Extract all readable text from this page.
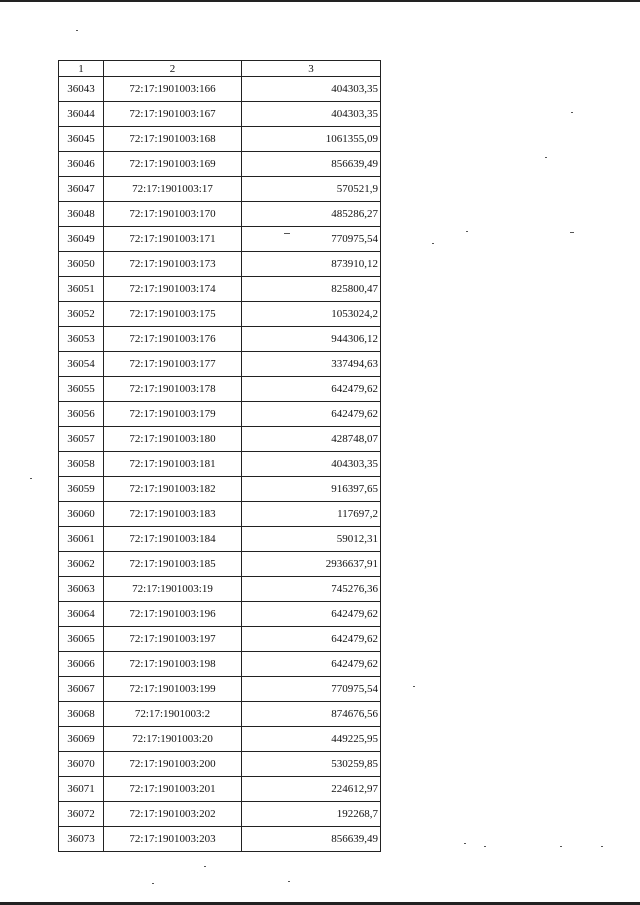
1	2	3
36043	72:17:1901003:166	404303,35
36044	72:17:1901003:167	404303,35
36045	72:17:1901003:168	1061355,09
36046	72:17:1901003:169	856639,49
36047	72:17:1901003:17	570521,9
36048	72:17:1901003:170	485286,27
36049	72:17:1901003:171	770975,54
36050	72:17:1901003:173	873910,12
36051	72:17:1901003:174	825800,47
36052	72:17:1901003:175	1053024,2
36053	72:17:1901003:176	944306,12
36054	72:17:1901003:177	337494,63
36055	72:17:1901003:178	642479,62
36056	72:17:1901003:179	642479,62
36057	72:17:1901003:180	428748,07
36058	72:17:1901003:181	404303,35
36059	72:17:1901003:182	916397,65
36060	72:17:1901003:183	117697,2
36061	72:17:1901003:184	59012,31
36062	72:17:1901003:185	2936637,91
36063	72:17:1901003:19	745276,36
36064	72:17:1901003:196	642479,62
36065	72:17:1901003:197	642479,62
36066	72:17:1901003:198	642479,62
36067	72:17:1901003:199	770975,54
36068	72:17:1901003:2	874676,56
36069	72:17:1901003:20	449225,95
36070	72:17:1901003:200	530259,85
36071	72:17:1901003:201	224612,97
36072	72:17:1901003:202	192268,7
36073	72:17:1901003:203	856639,49
